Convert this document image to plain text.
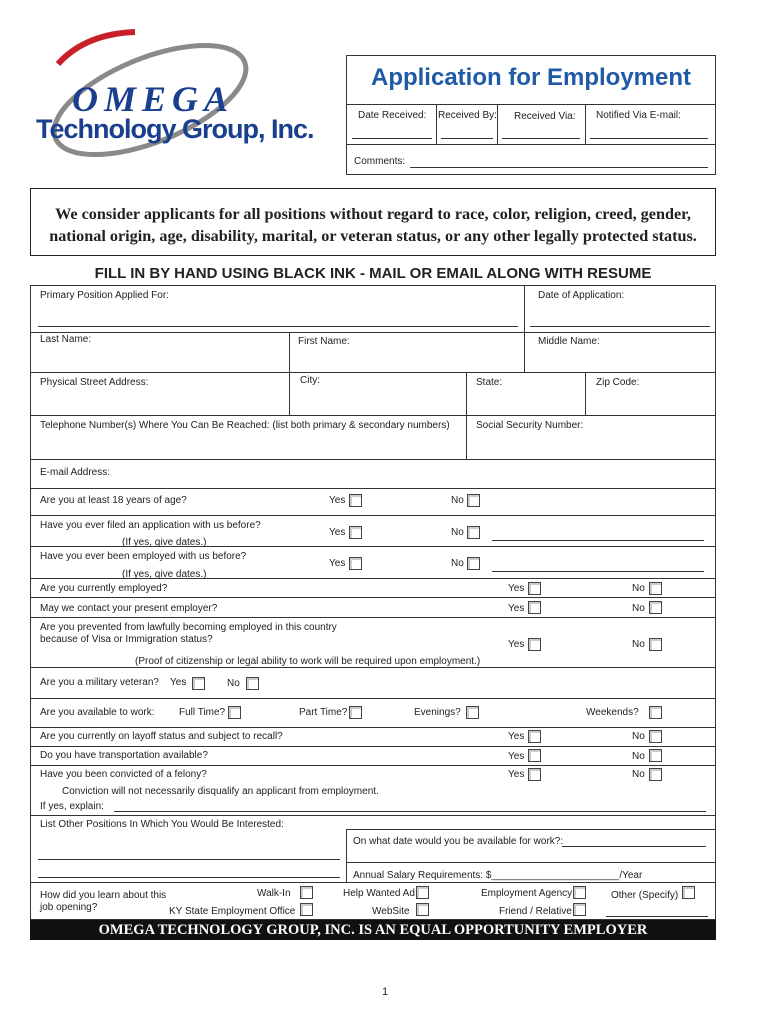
OMEGA
Technology Group, Inc.
Application for Employment
Date Received: Received By: Received Via: Notified Via E-mail:
Comments:
We consider applicants for all positions without regard to race, color, religion, creed, gender, national origin, age, disability, marital, or veteran status, or any other legally protected status.
FILL IN BY HAND USING BLACK INK - MAIL OR EMAIL ALONG WITH RESUME
Primary Position Applied For:	Date of Application:
Last Name:	First Name:	Middle Name:
Physical Street Address:	City:	State:	Zip Code:
Telephone Number(s) Where You Can Be Reached: (list both primary & secondary numbers)	Social Security Number:
E-mail Address:
Are you at least 18 years of age?	Yes	No
Have you ever filed an application with us before?
(If yes, give dates.)
Yes	No
Have you ever been employed with us before?
(If yes, give dates.)
Yes	No
Are you currently employed?	Yes	No
May we contact your present employer?	Yes	No
Are you prevented from lawfully becoming employed in this country
because of Visa or Immigration status?	Yes	No
(Proof of citizenship or legal ability to work will be required upon employment.)
Are you a military veteran? Yes	No
Are you available to work: Full Time?	Part Time?	Evenings?	Weekends?
Are you currently on layoff status and subject to recall?	Yes	No
Do you have transportation available?	Yes	No
Have you been convicted of a felony?	Yes	No
Conviction will not necessarily disqualify an applicant from employment.
If yes, explain:
List Other Positions In Which You Would Be Interested:
On what date would you be available for work?:
Annual Salary Requirements: $_______________________/Year
How did you learn about this
job opening?
Walk-In	Help Wanted Ad	Employment Agency	Other (Specify)
KY State Employment Office	WebSite	Friend / Relative
OMEGA TECHNOLOGY GROUP, INC. IS AN EQUAL OPPORTUNITY EMPLOYER
1
